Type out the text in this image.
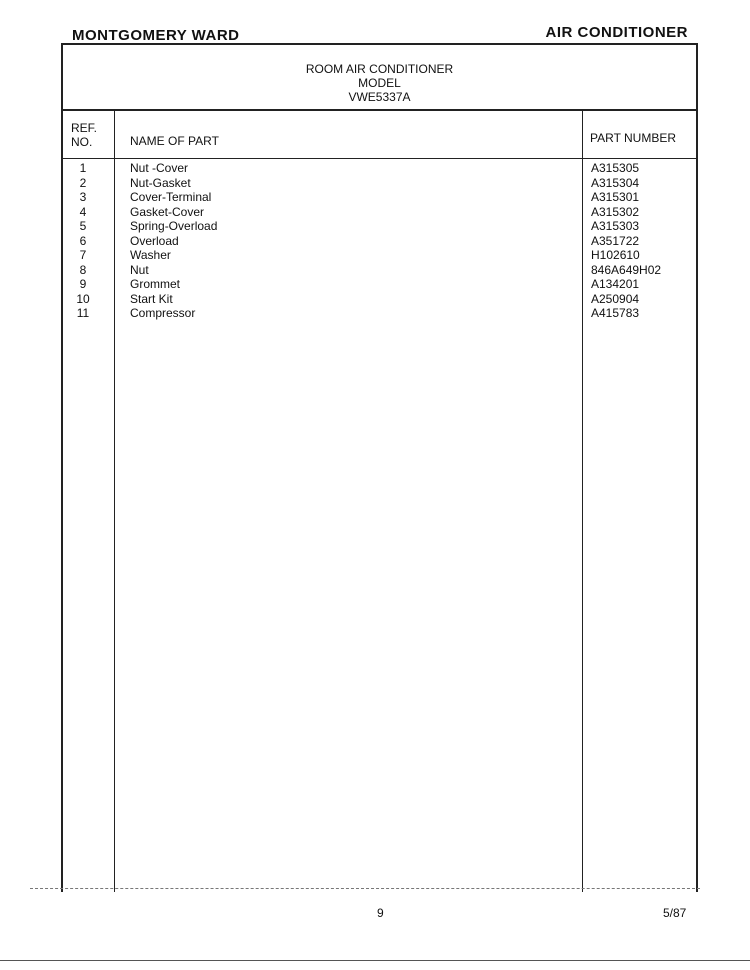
MONTGOMERY WARD	AIR CONDITIONER
ROOM AIR CONDITIONER
MODEL
VWE5337A
REF.
NO.	NAME OF PART	PART NUMBER
1	Nut -Cover	A315305
2	Nut-Gasket	A315304
3	Cover-Terminal	A315301
4	Gasket-Cover	A315302
5	Spring-Overload	A315303
6	Overload	A351722
7	Washer	H102610
8	Nut	846A649H02
9	Grommet	A134201
10	Start Kit	A250904
11	Compressor	A415783
9	5/87
